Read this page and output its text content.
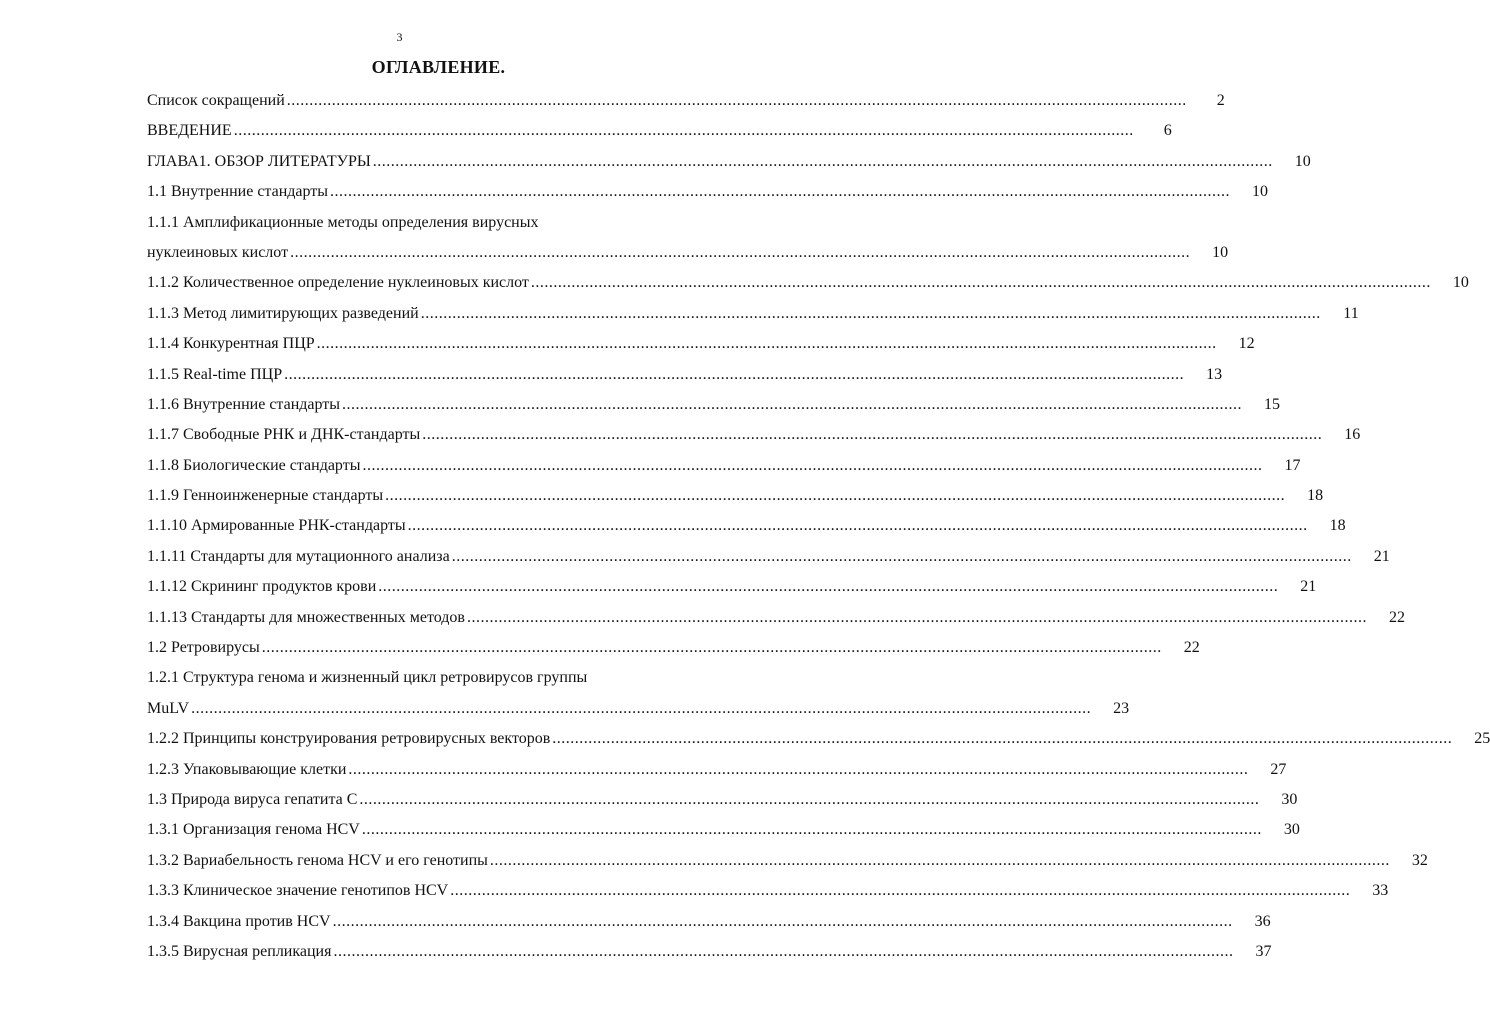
3
ОГЛАВЛЕНИЕ.
Список сокращений ........................................................................................................................................................................................................	2
ВВЕДЕНИЕ ........................................................................................................................................................................................................	6
ГЛАВА1. ОБЗОР ЛИТЕРАТУРЫ ........................................................................................................................................................................................................	10
1.1 Внутренние стандарты ........................................................................................................................................................................................................	10
1.1.1 Амплификационные методы определения вирусных
нуклеиновых кислот ........................................................................................................................................................................................................	10
1.1.2 Количественное определение нуклеиновых кислот ........................................................................................................................................................................................................	10
1.1.3 Метод лимитирующих разведений ........................................................................................................................................................................................................	11
1.1.4 Конкурентная ПЦР ........................................................................................................................................................................................................	12
1.1.5 Real-time ПЦР ........................................................................................................................................................................................................	13
1.1.6 Внутренние стандарты ........................................................................................................................................................................................................	15
1.1.7 Свободные РНК и ДНК-стандарты ........................................................................................................................................................................................................	16
1.1.8 Биологические стандарты ........................................................................................................................................................................................................	17
1.1.9 Генноинженерные стандарты ........................................................................................................................................................................................................	18
1.1.10 Армированные РНК-стандарты ........................................................................................................................................................................................................	18
1.1.11 Стандарты для мутационного анализа ........................................................................................................................................................................................................	21
1.1.12 Скрининг продуктов крови ........................................................................................................................................................................................................	21
1.1.13 Стандарты для множественных методов ........................................................................................................................................................................................................	22
1.2 Ретровирусы ........................................................................................................................................................................................................	22
1.2.1 Структура генома и жизненный цикл ретровирусов группы
MuLV ........................................................................................................................................................................................................	23
1.2.2 Принципы конструирования ретровирусных векторов ........................................................................................................................................................................................................	25
1.2.3 Упаковывающие клетки ........................................................................................................................................................................................................	27
1.3 Природа вируса гепатита С ........................................................................................................................................................................................................	30
1.3.1 Организация генома HCV ........................................................................................................................................................................................................	30
1.3.2 Вариабельность генома HCV и его генотипы ........................................................................................................................................................................................................	32
1.3.3 Клиническое значение генотипов HCV ........................................................................................................................................................................................................	33
1.3.4 Вакцина против HCV ........................................................................................................................................................................................................	36
1.3.5 Вирусная репликация ........................................................................................................................................................................................................	37
